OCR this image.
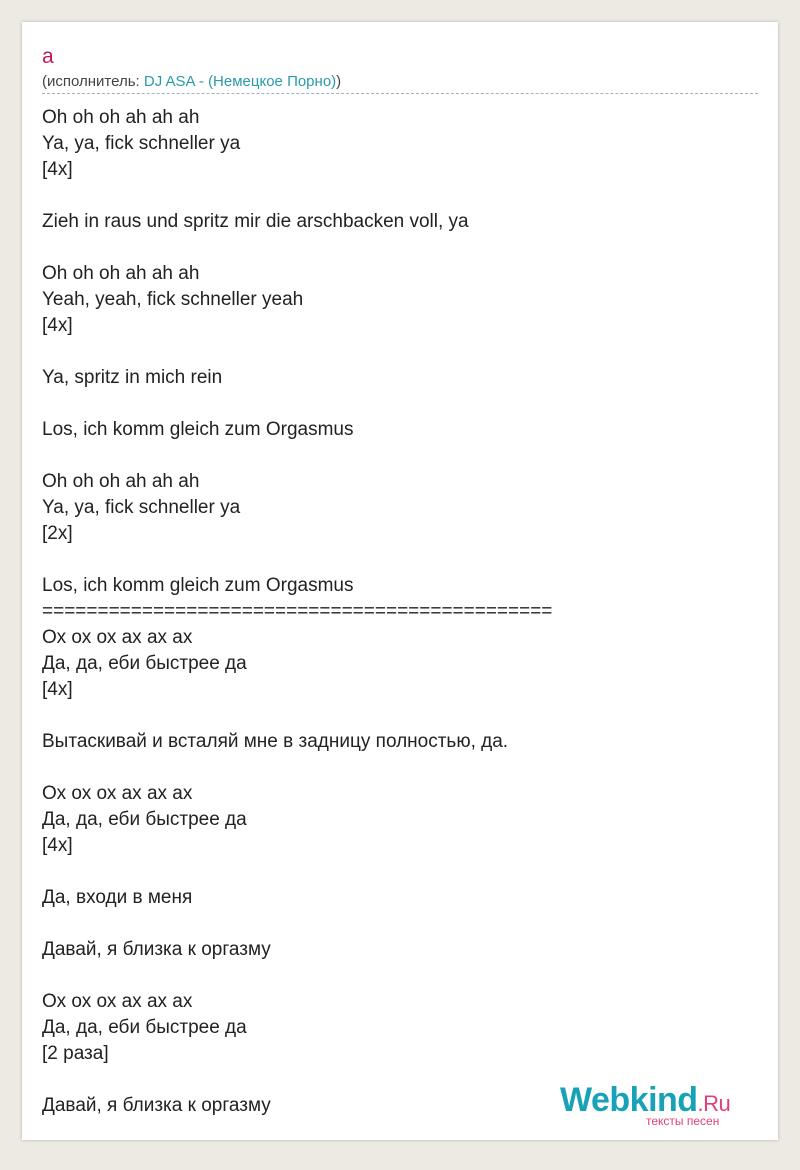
а
(исполнитель: DJ ASA - (Немецкое Порно))
Oh oh oh ah ah ah
Ya, ya, fick schneller ya
[4x]
Zieh in raus und spritz mir die arschbacken voll, ya
Oh oh oh ah ah ah
Yeah, yeah, fick schneller yeah
[4x]
Ya, spritz in mich rein
Los, ich komm gleich zum Orgasmus
Oh oh oh ah ah ah
Ya, ya, fick schneller ya
[2x]
Los, ich komm gleich zum Orgasmus
==============================================
Ох ох ох ах ах ах
Да, да, еби быстрее да
[4x]
Вытаскивай и всталяй мне в задницу полностью, да.
Ох ох ох ах ах ах
Да, да, еби быстрее да
[4x]
Да, входи в меня
Давай, я близка к оргазму
Ох ох ох ах ах ах
Да, да, еби быстрее да
[2 раза]
Давай, я близка к оргазму	Webkind.Ru
тексты песен
